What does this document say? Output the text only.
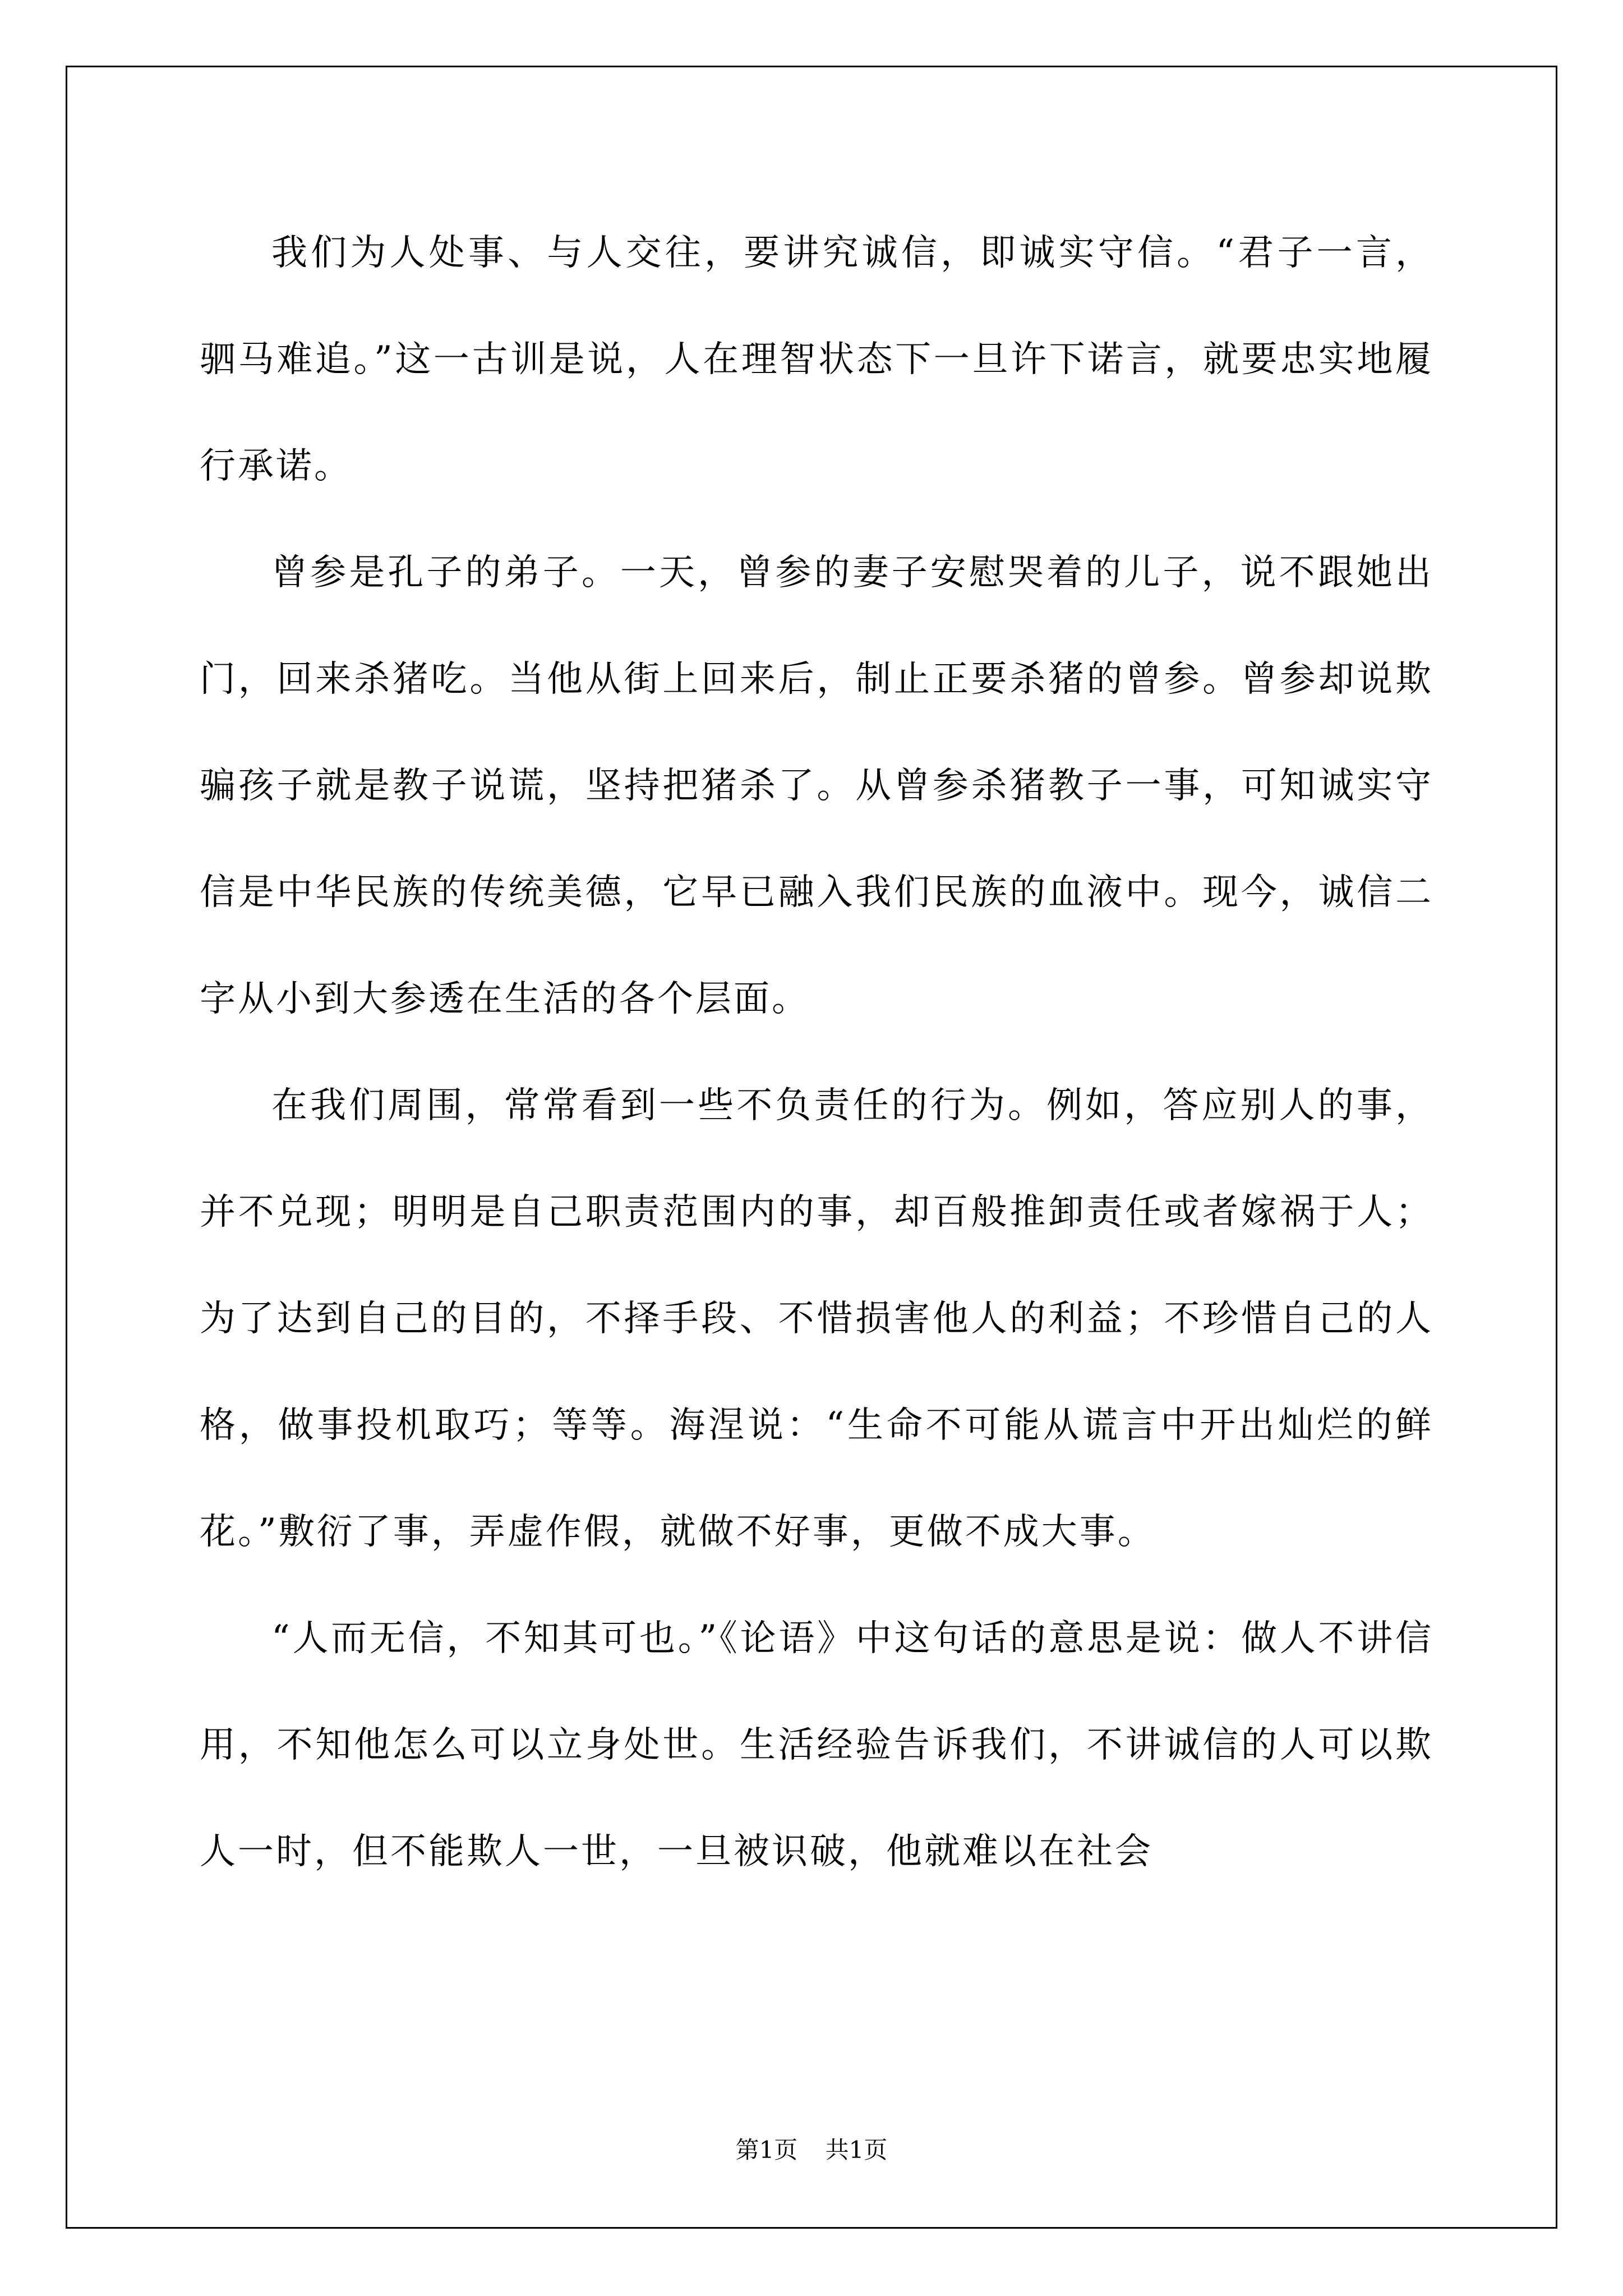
我们为人处事、与人交往，要讲究诚信，即诚实守信。“君子一言，驷马难追。”这一古训是说，人在理智状态下一旦许下诺言，就要忠实地履行承诺。

曾参是孔子的弟子。一天，曾参的妻子安慰哭着的儿子，说不跟她出门，回来杀猪吃。当他从街上回来后，制止正要杀猪的曾参。曾参却说欺骗孩子就是教子说谎，坚持把猪杀了。从曾参杀猪教子一事，可知诚实守信是中华民族的传统美德，它早已融入我们民族的血液中。现今，诚信二字从小到大参透在生活的各个层面。

在我们周围，常常看到一些不负责任的行为。例如，答应别人的事，并不兑现；明明是自己职责范围内的事，却百般推卸责任或者嫁祸于人；为了达到自己的目的，不择手段、不惜损害他人的利益；不珍惜自己的人格，做事投机取巧；等等。海涅说：“生命不可能从谎言中开出灿烂的鲜花。”敷衍了事，弄虚作假，就做不好事，更做不成大事。

“人而无信，不知其可也。”《论语》中这句话的意思是说：做人不讲信用，不知他怎么可以立身处世。生活经验告诉我们，不讲诚信的人可以欺人一时，但不能欺人一世，一旦被识破，他就难以在社会

第1页 共1页
